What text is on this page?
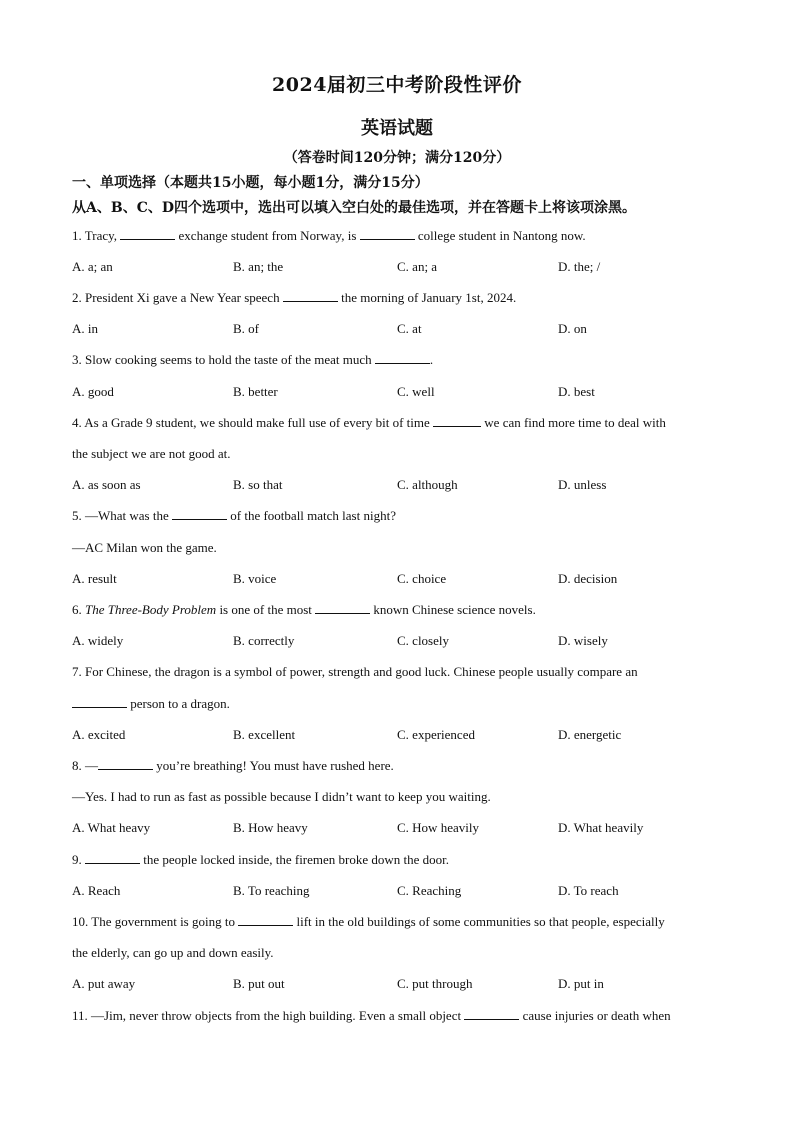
2024届初三中考阶段性评价
英语试题
（答卷时间120分钟；满分120分）
一、单项选择（本题共15小题，每小题1分，满分15分）
从A、B、C、D四个选项中，选出可以填入空白处的最佳选项，并在答题卡上将该项涂黑。
1. Tracy,	exchange student from Norway, is	college student in Nantong now.
A. a; an	B. an; the	C. an; a	D. the; /
2. President Xi gave a New Year speech	the morning of January 1st, 2024.
A. in	B. of	C. at	D. on
3. Slow cooking seems to hold the taste of the meat much	.
A. good	B. better	C. well	D. best
4. As a Grade 9 student, we should make full use of every bit of time	we can find more time to deal with
the subject we are not good at.
A. as soon as	B. so that	C. although	D. unless
5. —What was the	of the football match last night?
—AC Milan won the game.
A. result	B. voice	C. choice	D. decision
6. The Three-Body Problem is one of the most	known Chinese science novels.
A. widely	B. correctly	C. closely	D. wisely
7. For Chinese, the dragon is a symbol of power, strength and good luck. Chinese people usually compare an
person to a dragon.
A. excited	B. excellent	C. experienced	D. energetic
8. —	you’re breathing! You must have rushed here.
—Yes. I had to run as fast as possible because I didn’t want to keep you waiting.
A. What heavy	B. How heavy	C. How heavily	D. What heavily
9.	the people locked inside, the firemen broke down the door.
A. Reach	B. To reaching	C. Reaching	D. To reach
10. The government is going to	lift in the old buildings of some communities so that people, especially
the elderly, can go up and down easily.
A. put away	B. put out	C. put through	D. put in
11. —Jim, never throw objects from the high building. Even a small object	cause injuries or death when
